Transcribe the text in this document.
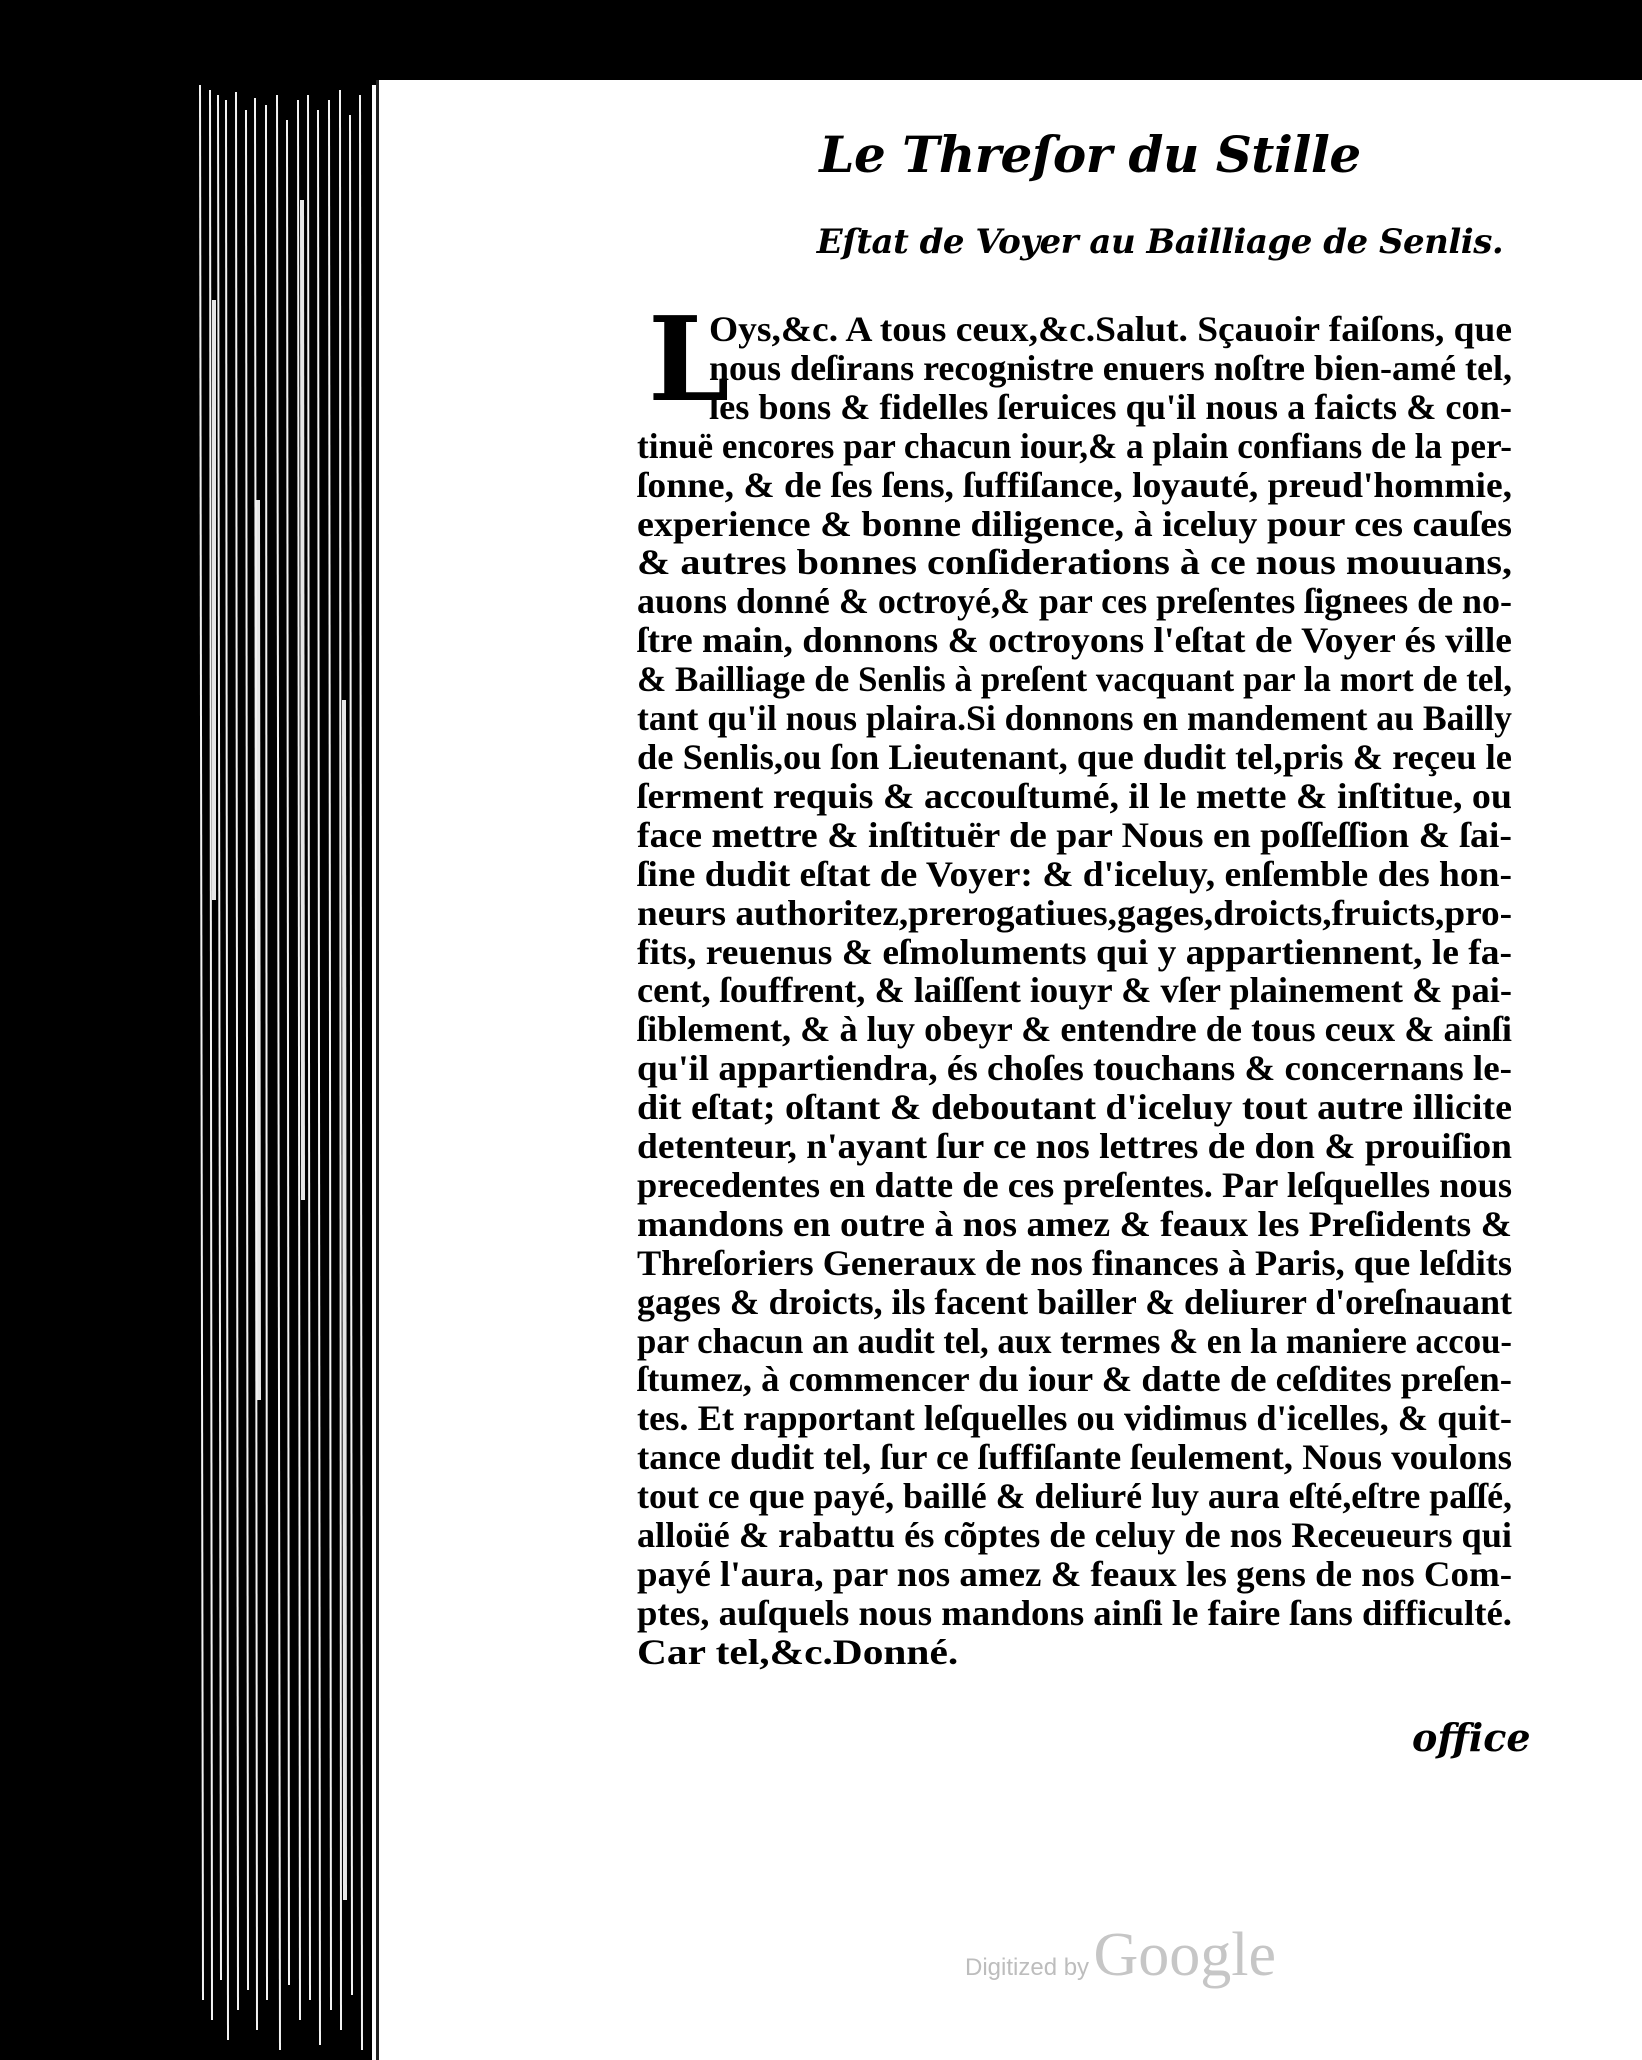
Le Threſor du Stille
Eſtat de Voyer au Bailliage de Senlis.
L
Oys,&c. A tous ceux,&c.Salut. Sçauoir faiſons, que
nous deſirans recognistre enuers noſtre bien-amé tel,
les bons & fidelles ſeruices qu'il nous a faicts & con-
tinuë encores par chacun iour,& a plain confians de la per-
ſonne, & de ſes ſens, ſuffiſance, loyauté, preud'hommie,
experience & bonne diligence, à iceluy pour ces cauſes
& autres bonnes conſiderations à ce nous mouuans,
auons donné & octroyé,& par ces preſentes ſignees de no-
ſtre main, donnons & octroyons l'eſtat de Voyer és ville
& Bailliage de Senlis à preſent vacquant par la mort de tel,
tant qu'il nous plaira.Si donnons en mandement au Bailly
de Senlis,ou ſon Lieutenant, que dudit tel,pris & reçeu le
ſerment requis & accouſtumé, il le mette & inſtitue, ou
face mettre & inſtituër de par Nous en poſſeſſion & ſai-
ſine dudit eſtat de Voyer: & d'iceluy, enſemble des hon-
neurs authoritez,prerogatiues,gages,droicts,fruicts,pro-
fits, reuenus & eſmoluments qui y appartiennent, le fa-
cent, ſouffrent, & laiſſent iouyr & vſer plainement & pai-
ſiblement, & à luy obeyr & entendre de tous ceux & ainſi
qu'il appartiendra, és choſes touchans & concernans le-
dit eſtat; oſtant & deboutant d'iceluy tout autre illicite
detenteur, n'ayant ſur ce nos lettres de don & prouiſion
precedentes en datte de ces preſentes. Par leſquelles nous
mandons en outre à nos amez & feaux les Preſidents &
Threſoriers Generaux de nos finances à Paris, que leſdits
gages & droicts, ils facent bailler & deliurer d'oreſnauant
par chacun an audit tel, aux termes & en la maniere accou-
ſtumez, à commencer du iour & datte de ceſdites preſen-
tes. Et rapportant leſquelles ou vidimus d'icelles, & quit-
tance dudit tel, ſur ce ſuffiſante ſeulement, Nous voulons
tout ce que payé, baillé & deliuré luy aura eſté,eſtre paſſé,
alloüé & rabattu és cõptes de celuy de nos Receueurs qui
payé l'aura, par nos amez & feaux les gens de nos Com-
ptes, auſquels nous mandons ainſi le faire ſans difficulté.
Car tel,&c.Donné.
office
Digitized by Google
